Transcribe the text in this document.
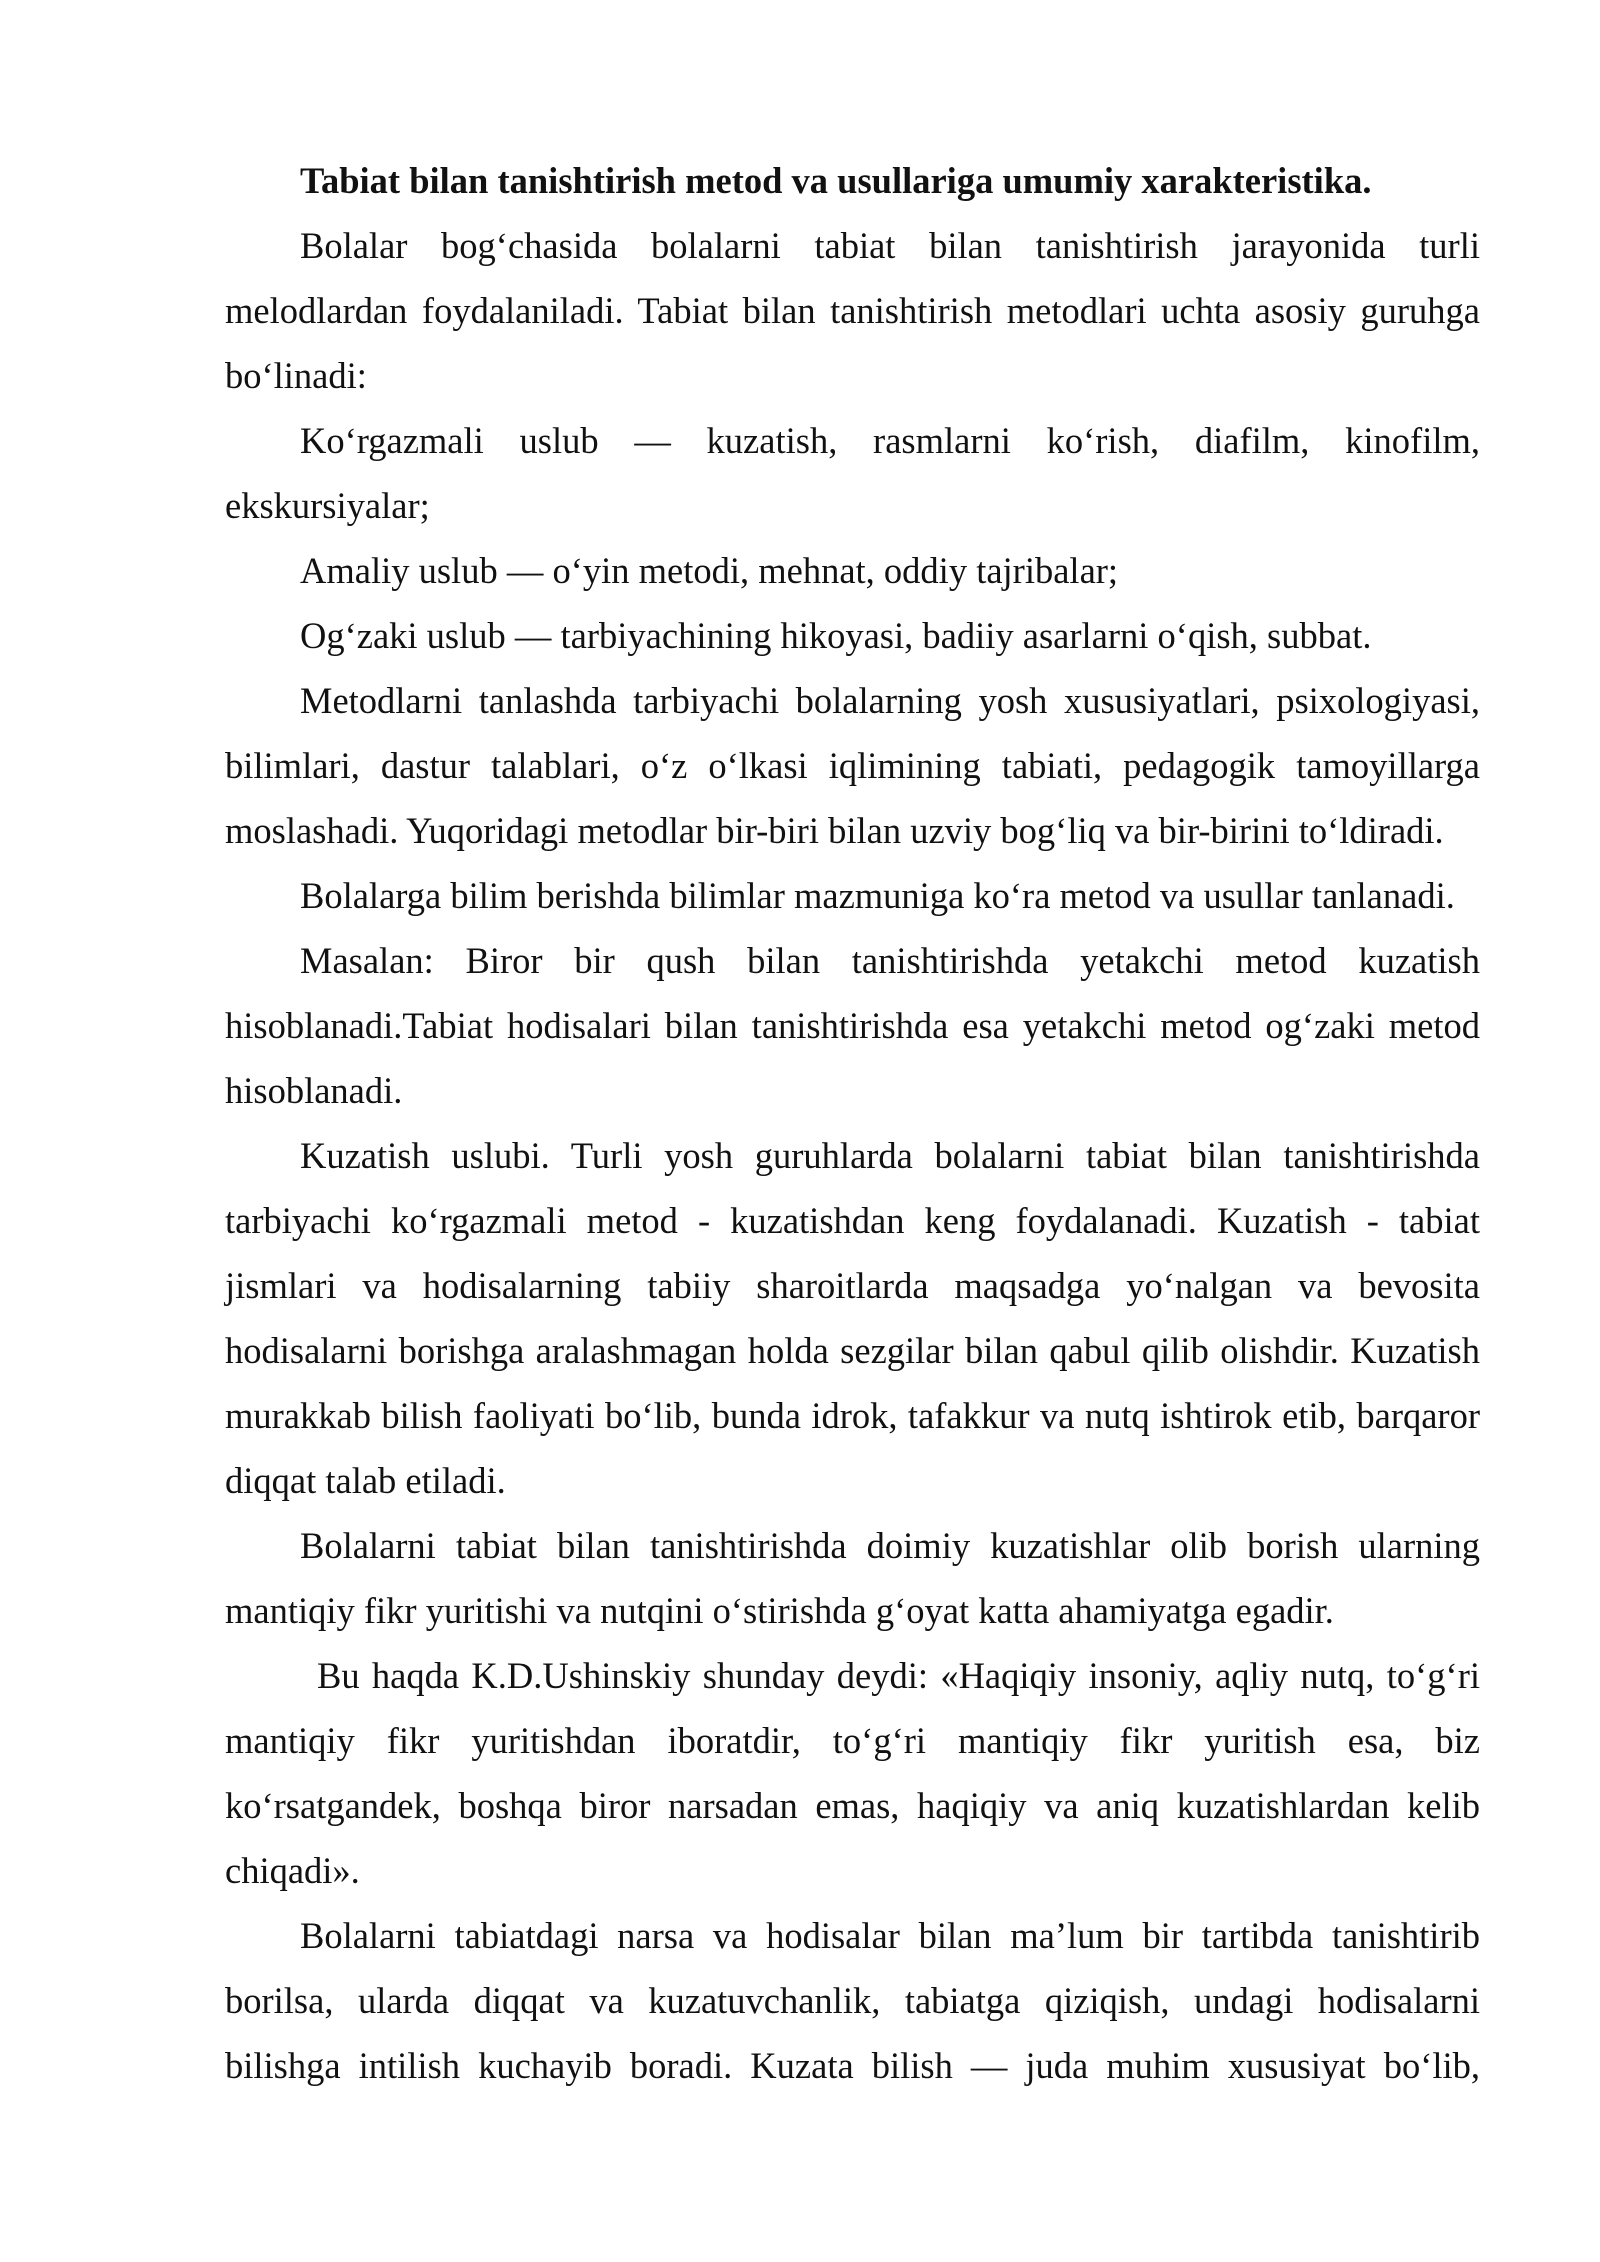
Tabiat bilan tanishtirish metod va usullariga umumiy xarakteristika.

Bolalar bog‘chasida bolalarni tabiat bilan tanishtirish jarayonida turli melodlardan foydalaniladi. Tabiat bilan tanishtirish metodlari uchta asosiy guruhga bo‘linadi:

Ko‘rgazmali uslub — kuzatish, rasmlarni ko‘rish, diafilm, kinofilm, ekskursiyalar;

Amaliy uslub — o‘yin metodi, mehnat, oddiy tajribalar;

Og‘zaki uslub — tarbiyachining hikoyasi, badiiy asarlarni o‘qish, subbat.

Metodlarni tanlashda tarbiyachi bolalarning yosh xususiyatlari, psixologiyasi, bilimlari, dastur talablari, o‘z o‘lkasi iqlimining tabiati, pedagogik tamoyillarga moslashadi. Yuqoridagi metodlar bir-biri bilan uzviy bog‘liq va bir-birini to‘ldiradi.

Bolalarga bilim berishda bilimlar mazmuniga ko‘ra metod va usullar tanlanadi.

Masalan: Biror bir qush bilan tanishtirishda yetakchi metod kuzatish hisoblanadi.Tabiat hodisalari bilan tanishtirishda esa yetakchi metod og‘zaki metod hisoblanadi.

Kuzatish uslubi. Turli yosh guruhlarda bolalarni tabiat bilan tanishtirishda tarbiyachi ko‘rgazmali metod - kuzatishdan keng foydalanadi. Kuzatish - tabiat jismlari va hodisalarning tabiiy sharoitlarda maqsadga yo‘nalgan va bevosita hodisalarni borishga aralashmagan holda sezgilar bilan qabul qilib olishdir. Kuzatish murakkab bilish faoliyati bo‘lib, bunda idrok, tafakkur va nutq ishtirok etib, barqaror diqqat talab etiladi.

Bolalarni tabiat bilan tanishtirishda doimiy kuzatishlar olib borish ularning mantiqiy fikr yuritishi va nutqini o‘stirishda g‘oyat katta ahamiyatga egadir.

Bu haqda K.D.Ushinskiy shunday deydi: «Haqiqiy insoniy, aqliy nutq, to‘g‘ri mantiqiy fikr yuritishdan iboratdir, to‘g‘ri mantiqiy fikr yuritish esa, biz ko‘rsatgandek, boshqa biror narsadan emas, haqiqiy va aniq kuzatishlardan kelib chiqadi».

Bolalarni tabiatdagi narsa va hodisalar bilan ma’lum bir tartibda tanishtirib borilsa, ularda diqqat va kuzatuvchanlik, tabiatga qiziqish, undagi hodisalarni bilishga intilish kuchayib boradi. Kuzata bilish — juda muhim xususiyat bo‘lib,
